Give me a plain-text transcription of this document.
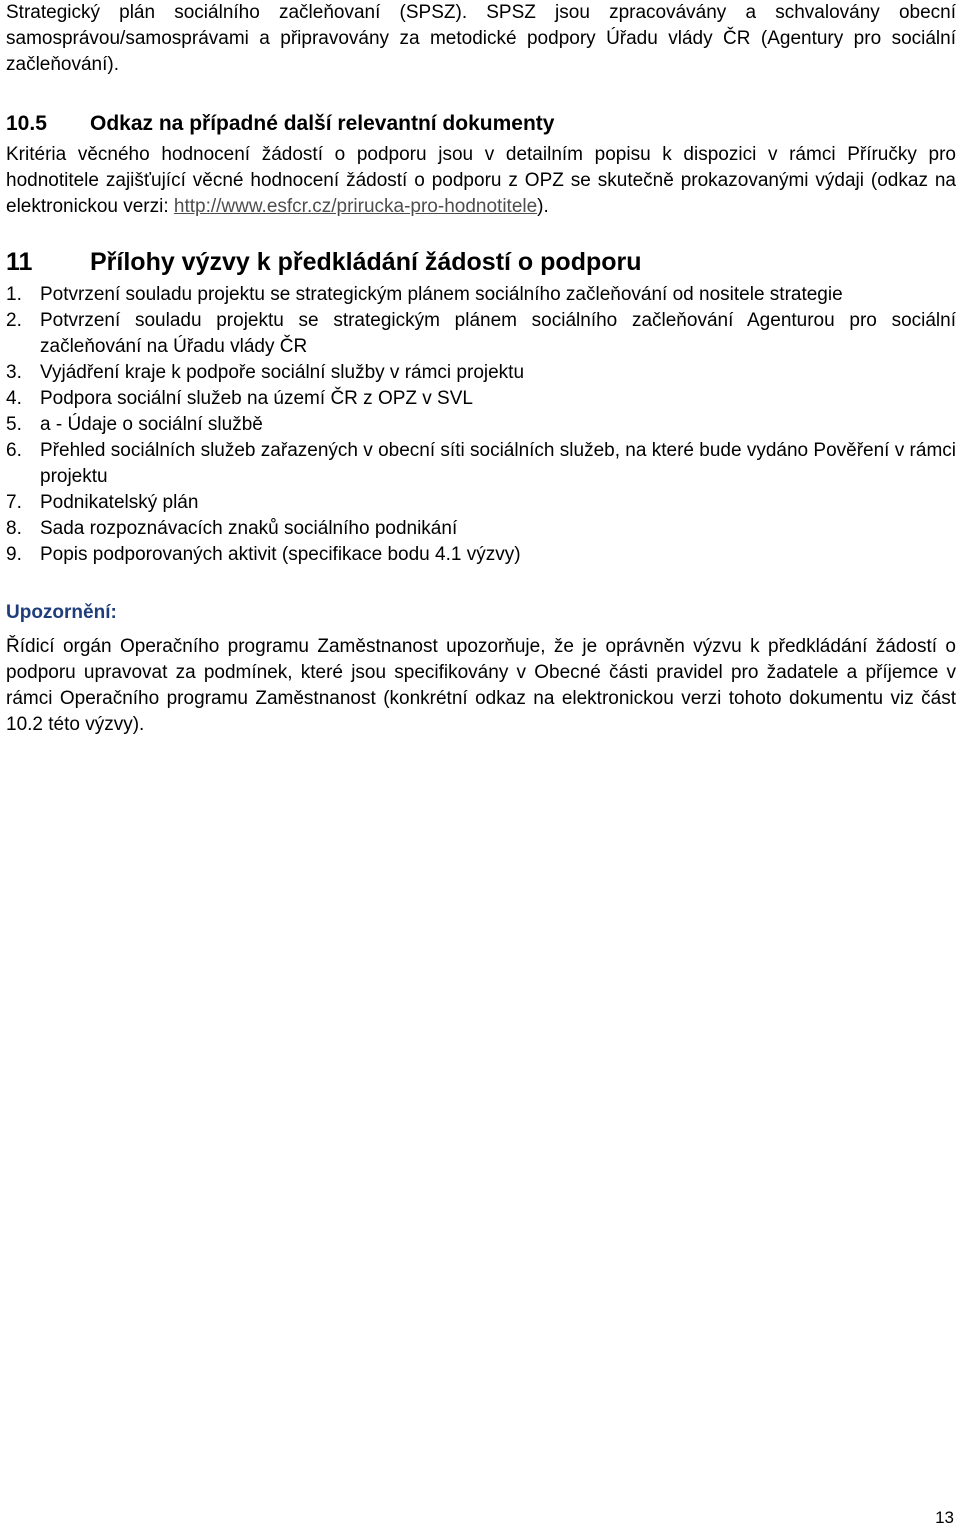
Strategický plán sociálního začleňovaní (SPSZ). SPSZ jsou zpracovávány a schvalovány obecní samosprávou/samosprávami a připravovány za metodické podpory Úřadu vlády ČR (Agentury pro sociální začleňování).

10.5	Odkaz na případné další relevantní dokumenty

Kritéria věcného hodnocení žádostí o podporu jsou v detailním popisu k dispozici v rámci Příručky pro hodnotitele zajišťující věcné hodnocení žádostí o podporu z OPZ se skutečně prokazovanými výdaji (odkaz na elektronickou verzi: http://www.esfcr.cz/prirucka-pro-hodnotitele).

11	Přílohy výzvy k předkládání žádostí o podporu
1. Potvrzení souladu projektu se strategickým plánem sociálního začleňování od nositele strategie
2. Potvrzení souladu projektu se strategickým plánem sociálního začleňování Agenturou pro sociální začleňování na Úřadu vlády ČR
3. Vyjádření kraje k podpoře sociální služby v rámci projektu
4. Podpora sociální služeb na území ČR z OPZ v SVL
5. a - Údaje o sociální službě
6. Přehled sociálních služeb zařazených v obecní síti sociálních služeb, na které bude vydáno Pověření v rámci projektu
7. Podnikatelský plán
8. Sada rozpoznávacích znaků sociálního podnikání
9. Popis podporovaných aktivit (specifikace bodu 4.1 výzvy)
Upozornění:

Řídicí orgán Operačního programu Zaměstnanost upozorňuje, že je oprávněn výzvu k předkládání žádostí o podporu upravovat za podmínek, které jsou specifikovány v Obecné části pravidel pro žadatele a příjemce v rámci Operačního programu Zaměstnanost (konkrétní odkaz na elektronickou verzi tohoto dokumentu viz část 10.2 této výzvy).

13
